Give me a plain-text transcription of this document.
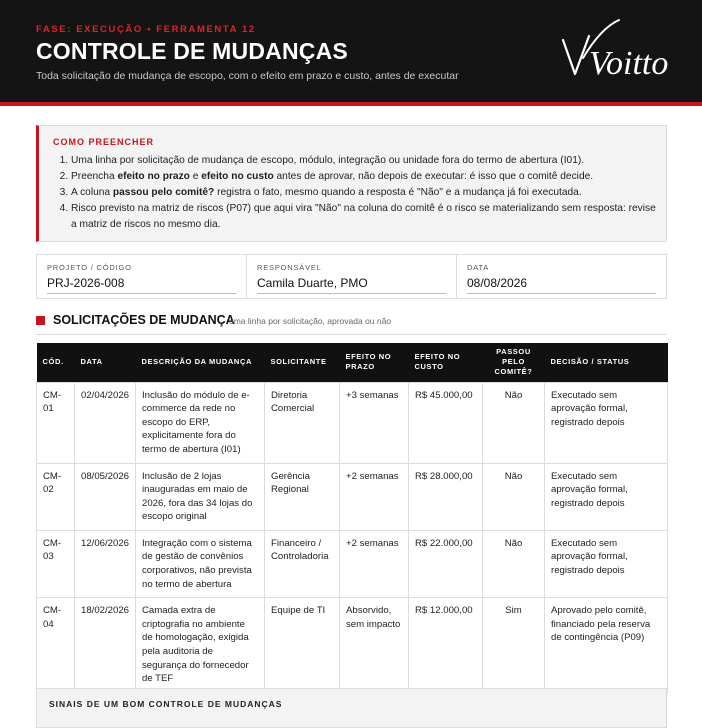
FASE: EXECUÇÃO • FERRAMENTA 12
CONTROLE DE MUDANÇAS
Toda solicitação de mudança de escopo, com o efeito em prazo e custo, antes de executar	Voitto
COMO PREENCHER
1. Uma linha por solicitação de mudança de escopo, módulo, integração ou unidade fora do termo de abertura (I01).
2. Preencha efeito no prazo e efeito no custo antes de aprovar, não depois de executar: é isso que o comitê decide.
3. A coluna passou pelo comitê? registra o fato, mesmo quando a resposta é "Não" e a mudança já foi executada.
4. Risco previsto na matriz de riscos (P07) que aqui vira "Não" na coluna do comitê é o risco se materializando sem resposta: revise a matriz de riscos no mesmo dia.
PROJETO / CÓDIGO
PRJ-2026-008
RESPONSÁVEL
Camila Duarte, PMO
DATA
08/08/2026
SOLICITAÇÕES DE MUDANÇA
uma linha por solicitação, aprovada ou não
CÓD.	DATA	DESCRIÇÃO DA MUDANÇA	SOLICITANTE	EFEITO NO PRAZO	EFEITO NO CUSTO	PASSOU PELO COMITÊ?	DECISÃO / STATUS
CM-01	02/04/2026	Inclusão do módulo de e-commerce da rede no escopo do ERP, explicitamente fora do termo de abertura (I01)	Diretoria Comercial	+3 semanas	R$ 45.000,00	Não	Executado sem aprovação formal, registrado depois
CM-02	08/05/2026	Inclusão de 2 lojas inauguradas em maio de 2026, fora das 34 lojas do escopo original	Gerência Regional	+2 semanas	R$ 28.000,00	Não	Executado sem aprovação formal, registrado depois
CM-03	12/06/2026	Integração com o sistema de gestão de convênios corporativos, não prevista no termo de abertura	Financeiro / Controladoria	+2 semanas	R$ 22.000,00	Não	Executado sem aprovação formal, registrado depois
CM-04	18/02/2026	Camada extra de criptografia no ambiente de homologação, exigida pela auditoria de segurança do fornecedor de TEF	Equipe de TI	Absorvido, sem impacto	R$ 12.000,00	Sim	Aprovado pelo comitê, financiado pela reserva de contingência (P09)
SINAIS DE UM BOM CONTROLE DE MUDANÇAS
